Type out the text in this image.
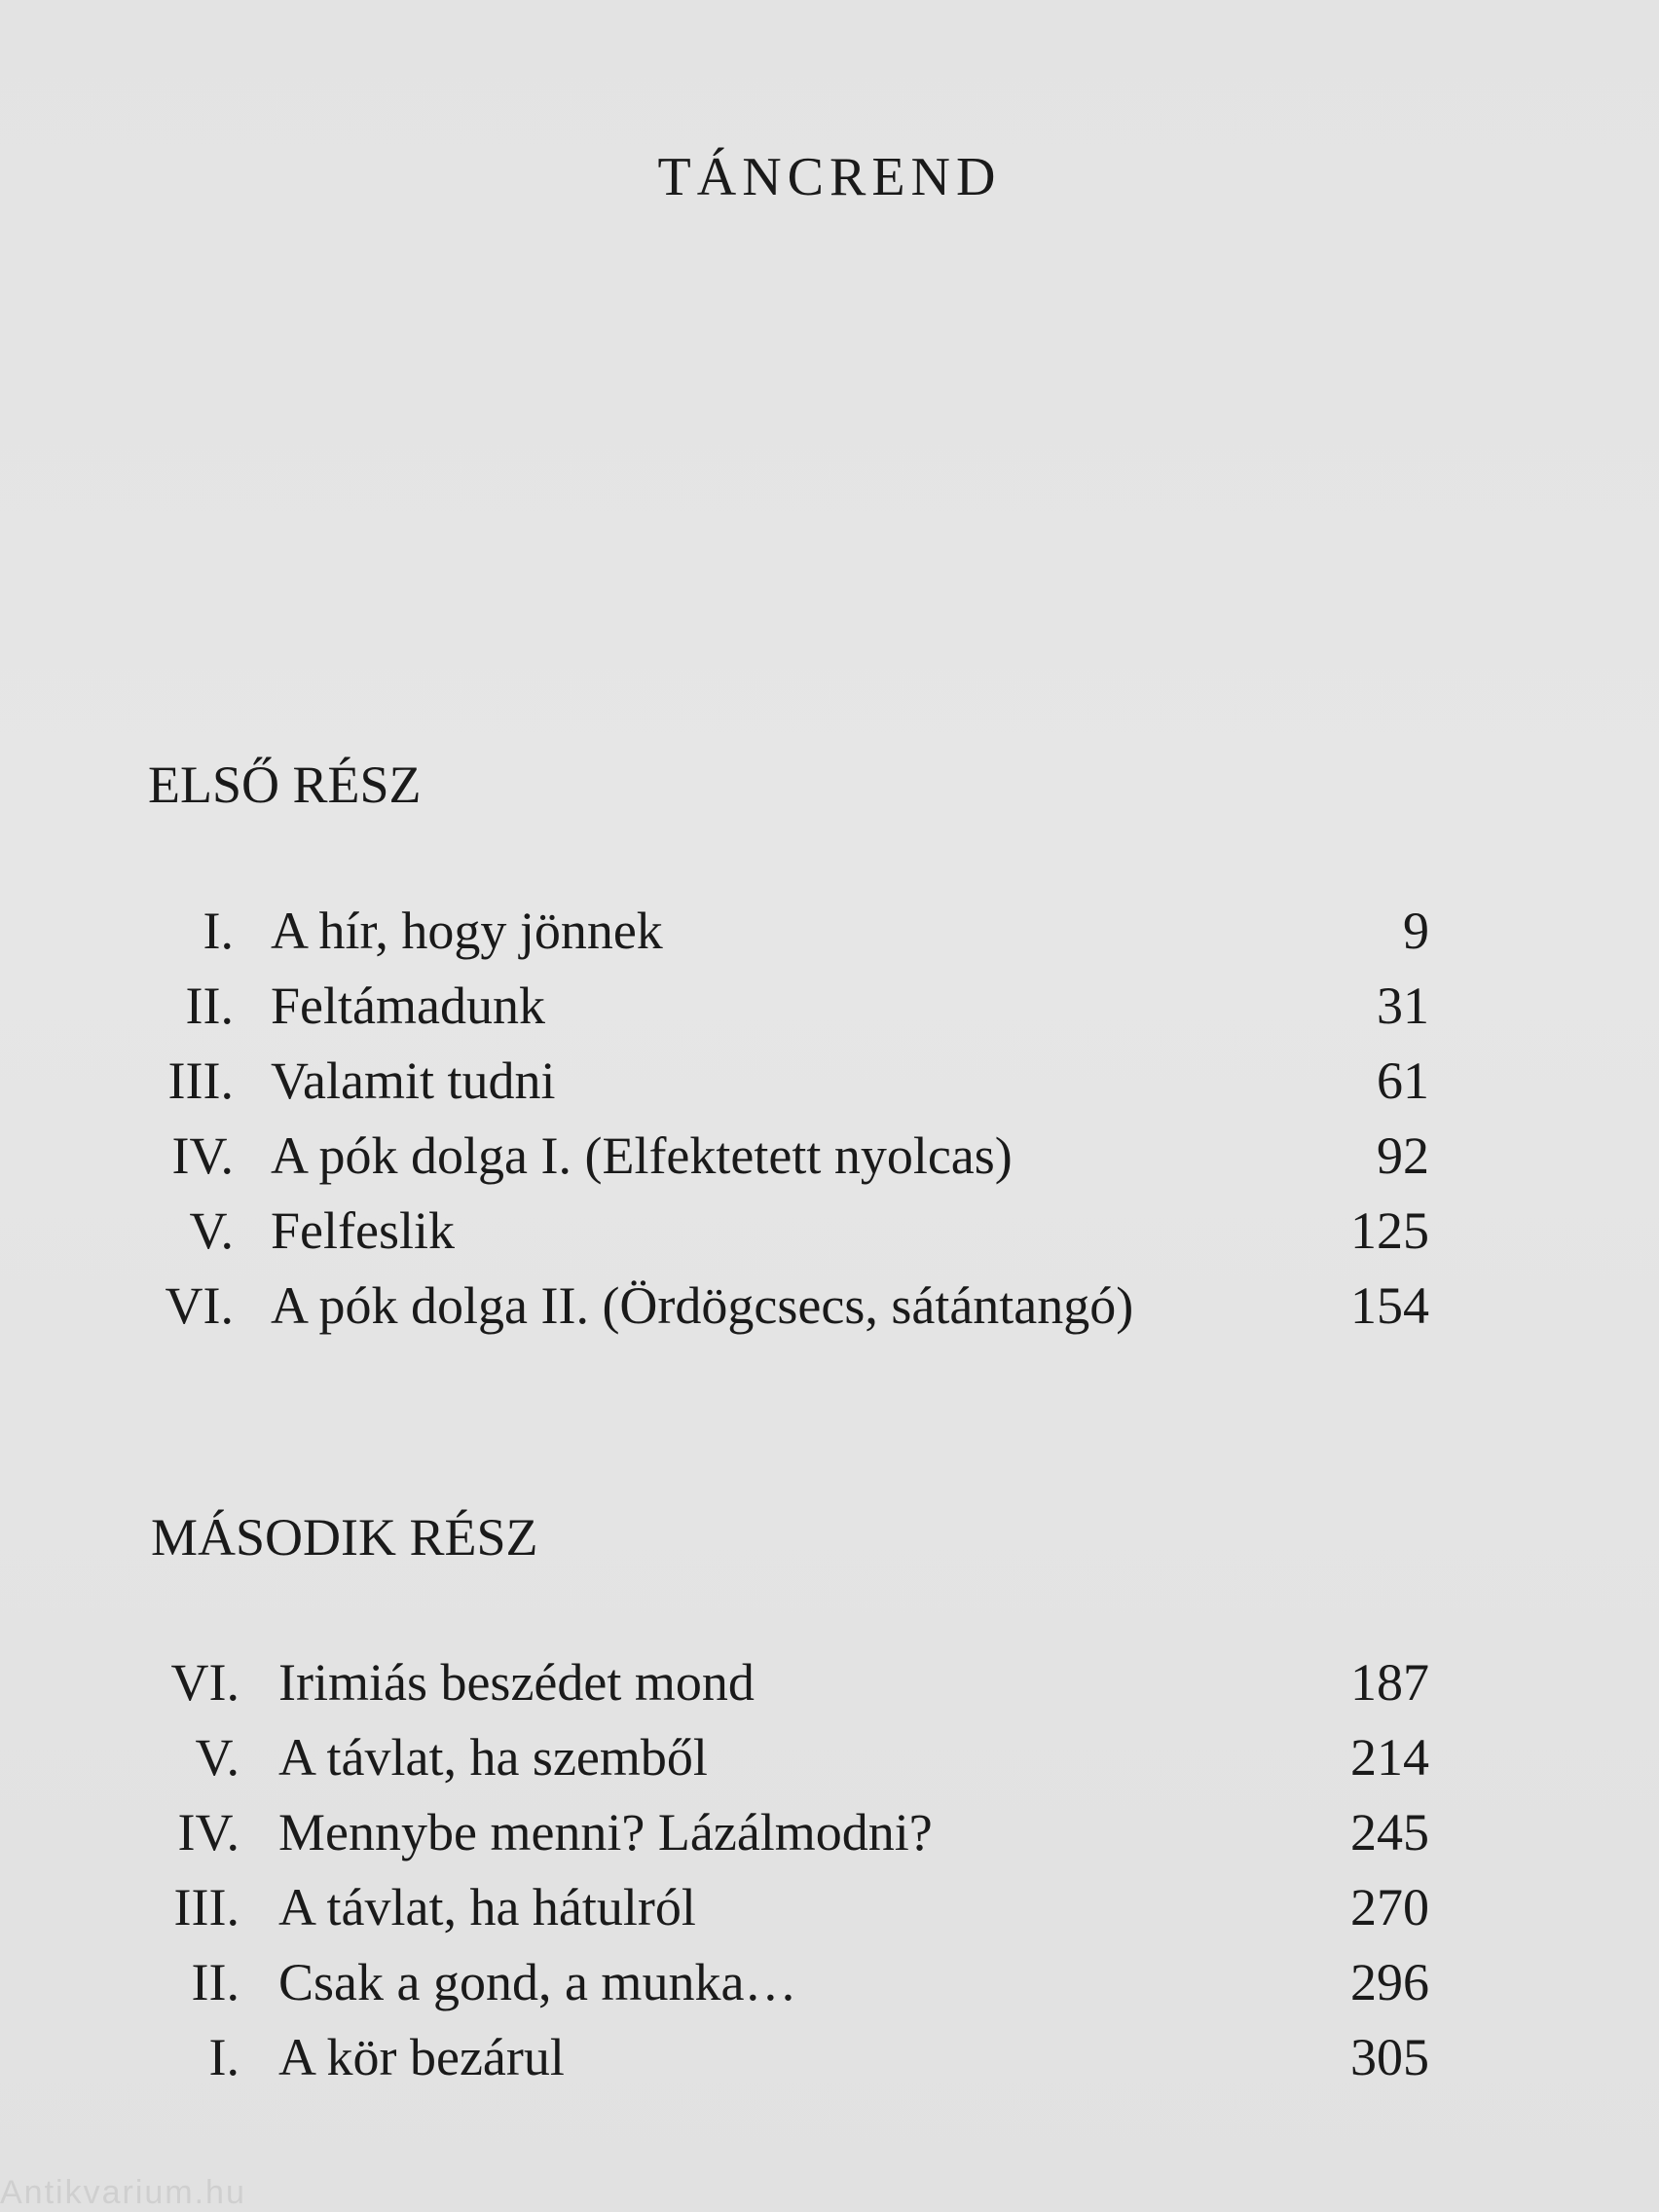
TÁNCREND
ELSŐ RÉSZ
I. A hír, hogy jönnek	9
II. Feltámadunk	31
III. Valamit tudni	61
IV. A pók dolga I. (Elfektetett nyolcas)	92
V. Felfeslik	125
VI. A pók dolga II. (Ördögcsecs, sátántangó)	154
MÁSODIK RÉSZ
VI. Irimiás beszédet mond	187
V. A távlat, ha szemből	214
IV. Mennybe menni? Lázálmodni?	245
III. A távlat, ha hátulról	270
II. Csak a gond, a munka…	296
I. A kör bezárul	305
Antikvarium.hu
